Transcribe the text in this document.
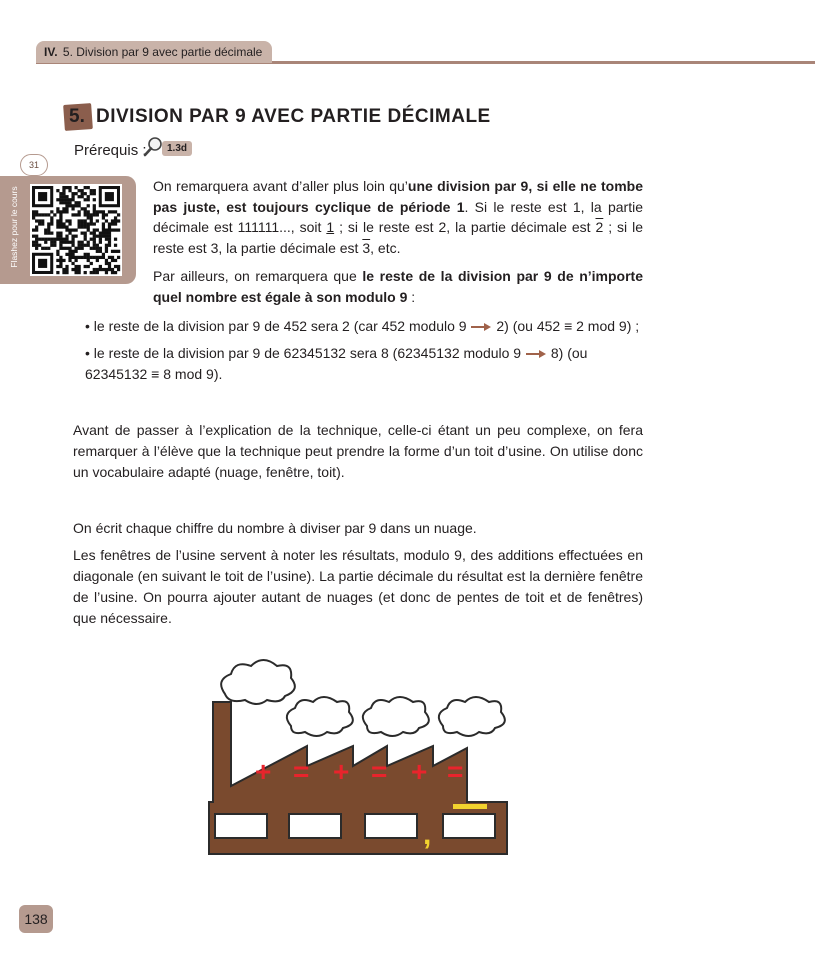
IV. 5. Division par 9 avec partie décimale
5. DIVISION PAR 9 AVEC PARTIE DÉCIMALE
Prérequis :	1.3d
31
Flashez pour le cours
On remarquera avant d’aller plus loin qu’une division par 9, si elle ne tombe pas juste, est toujours cyclique de période 1. Si le reste est 1, la partie décimale est 111111..., soit 1 ; si le reste est 2, la partie décimale est 2 ; si le reste est 3, la partie décimale est 3, etc.
Par ailleurs, on remarquera que le reste de la division par 9 de n’importe quel nombre est égale à son modulo 9 :
• le reste de la division par 9 de 452 sera 2 (car 452 modulo 9 2) (ou 452 ≡ 2 mod 9) ;
• le reste de la division par 9 de 62345132 sera 8 (62345132 modulo 9 8) (ou 62345132 ≡ 8 mod 9).
Avant de passer à l’explication de la technique, celle-ci étant un peu complexe, on fera remarquer à l’élève que la technique peut prendre la forme d’un toit d’usine. On utilise donc un vocabulaire adapté (nuage, fenêtre, toit).
On écrit chaque chiffre du nombre à diviser par 9 dans un nuage.
Les fenêtres de l’usine servent à noter les résultats, modulo 9, des additions effectuées en diagonale (en suivant le toit de l’usine). La partie décimale du résultat est la dernière fenêtre de l’usine. On pourra ajouter autant de nuages (et donc de pentes de toit et de fenêtres) que nécessaire.
,
+ = + = + =
138
